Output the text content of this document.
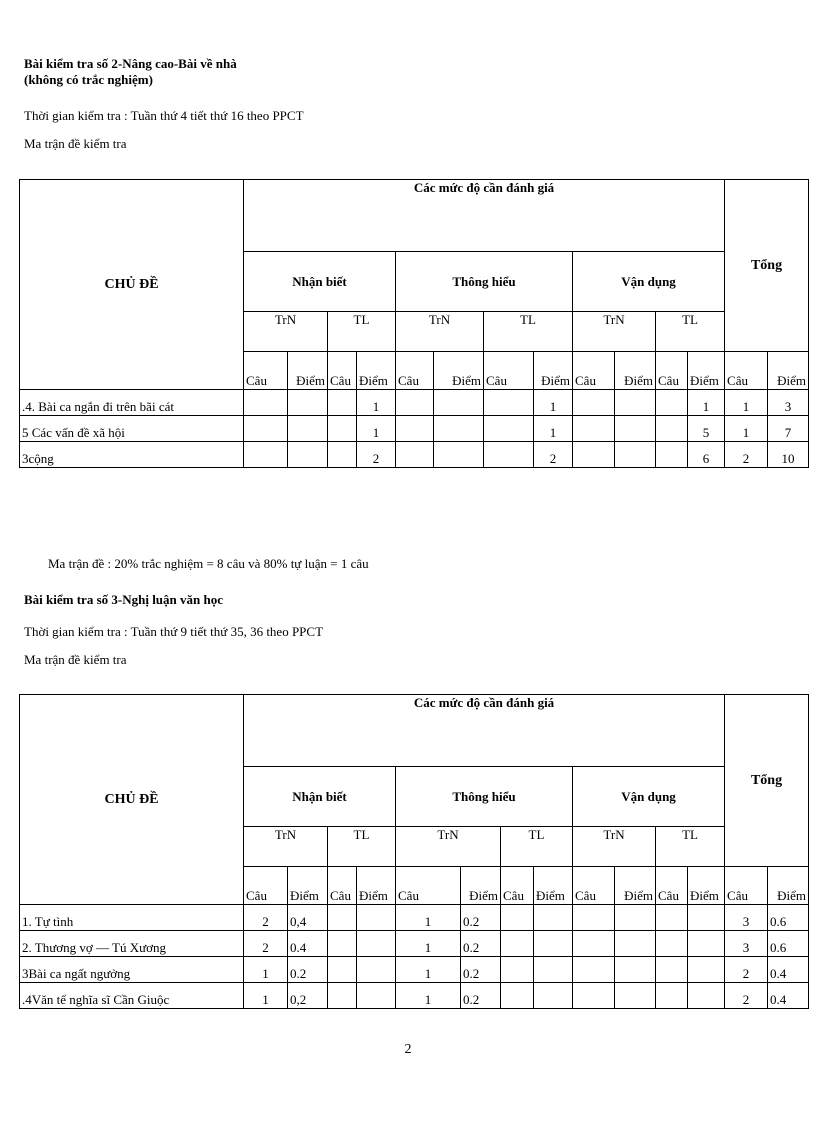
Bài kiểm tra số 2-Nâng cao-Bài về nhà
(không có trắc nghiệm)
Thời gian kiểm tra : Tuần thứ 4 tiết thứ 16 theo PPCT
Ma trận đề kiểm tra
CHỦ ĐỀ	Các mức độ cần đánh giá												Tổng	
	Nhận biết				Thông hiểu				Vận dụng					
	TrN		TL		TrN		TL		TrN		TL			
	Câu	Điểm	Câu	Điểm	Câu	Điểm	Câu	Điểm	Câu	Điểm	Câu	Điểm	Câu	Điểm
.4. Bài ca ngắn đi trên bãi cát				1				1				1	1	3
5 Các vấn đề xã hội				1				1				5	1	7
3cộng				2				2				6	2	10
Ma trận đề : 20% trắc nghiệm = 8 câu và 80% tự luận = 1 câu
Bài kiểm tra số 3-Nghị luận văn học
Thời gian kiểm tra : Tuần thứ 9 tiết thứ 35, 36 theo PPCT
Ma trận đề kiểm tra
CHỦ ĐỀ	Các mức độ cần đánh giá												Tổng	
	Nhận biết				Thông hiểu				Vận dụng					
	TrN		TL		TrN		TL		TrN		TL			
	Câu	Điểm	Câu	Điểm	Câu	Điểm	Câu	Điểm	Câu	Điểm	Câu	Điểm	Câu	Điểm
1. Tự tình	2	0,4			1	0.2							3	0.6
2. Thương vợ — Tú Xương	2	0.4			1	0.2							3	0.6
3Bài ca ngất ngưởng	1	0.2			1	0.2							2	0.4
.4Văn tế nghĩa sĩ Cần Giuộc	1	0,2			1	0.2							2	0.4
2
